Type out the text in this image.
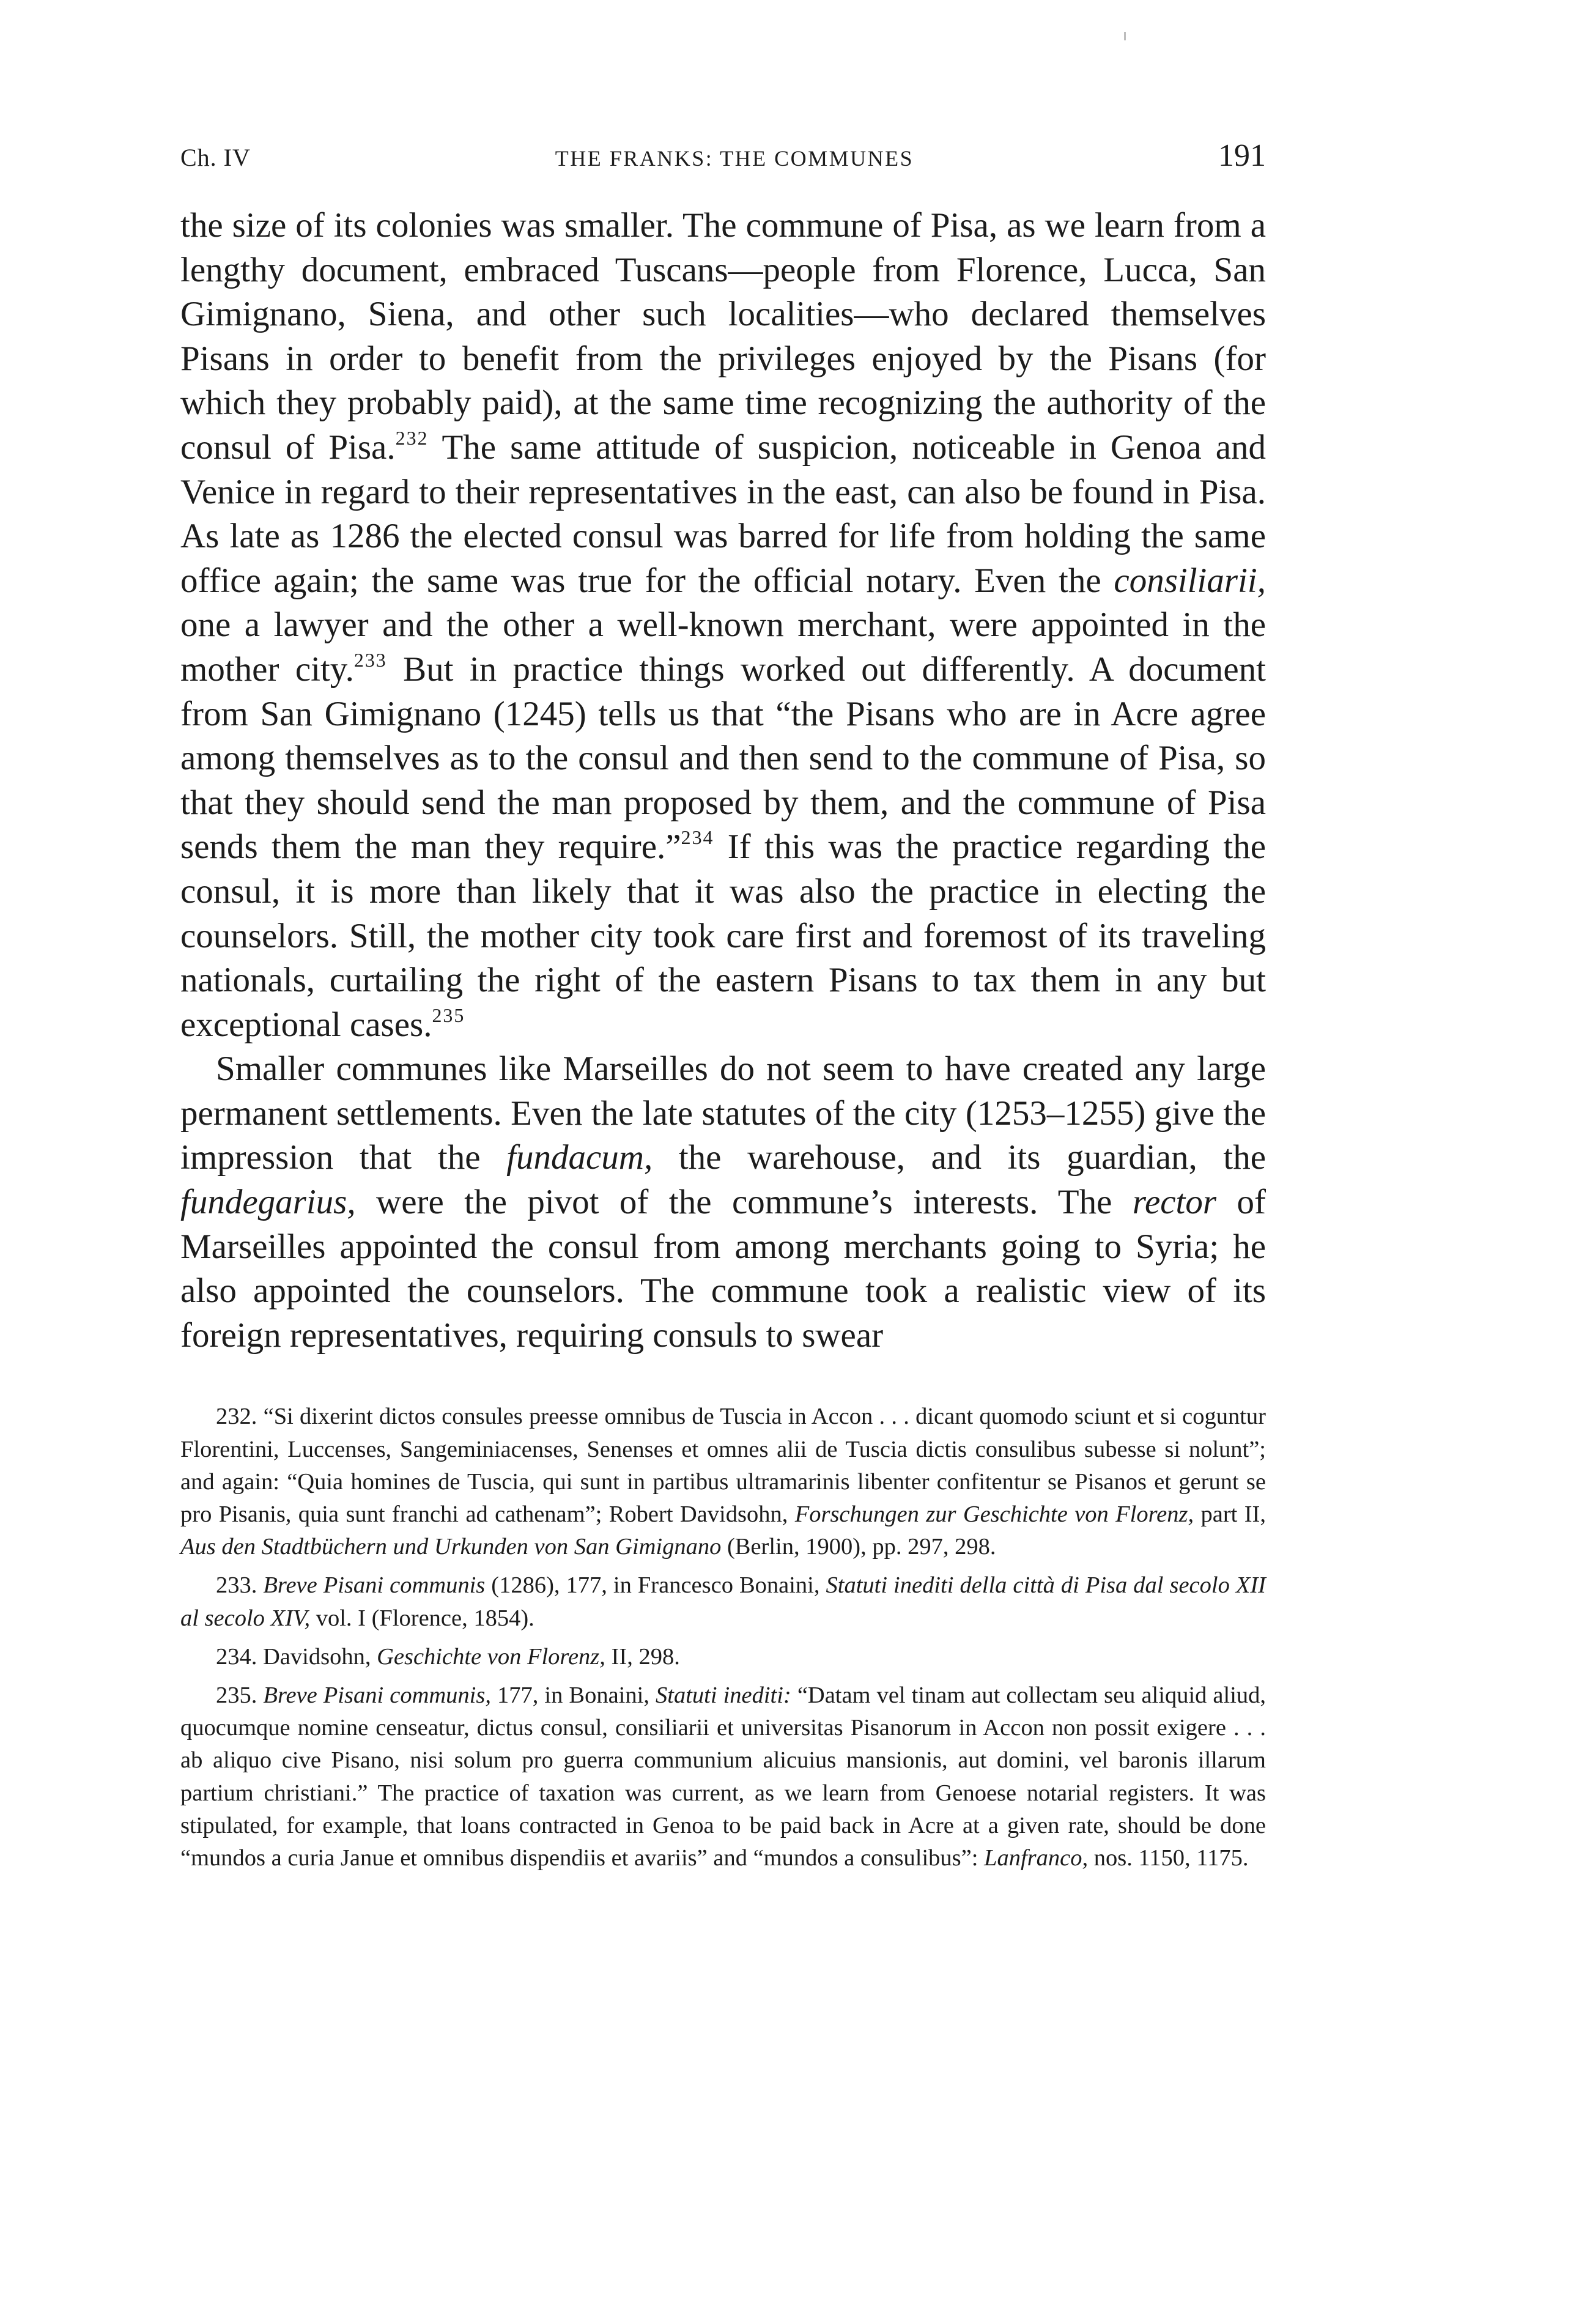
Ch. IV	THE FRANKS: THE COMMUNES	191

the size of its colonies was smaller. The commune of Pisa, as we learn from a lengthy document, embraced Tuscans—people from Florence, Lucca, San Gimignano, Siena, and other such localities—who declared themselves Pisans in order to benefit from the privileges enjoyed by the Pisans (for which they probably paid), at the same time recognizing the authority of the consul of Pisa.$^{232}$ The same attitude of suspicion, noticeable in Genoa and Venice in regard to their representatives in the east, can also be found in Pisa. As late as 1286 the elected consul was barred for life from holding the same office again; the same was true for the official notary. Even the consiliarii, one a lawyer and the other a well-known merchant, were appointed in the mother city.$^{233}$ But in practice things worked out differently. A document from San Gimignano (1245) tells us that “the Pisans who are in Acre agree among themselves as to the consul and then send to the commune of Pisa, so that they should send the man proposed by them, and the commune of Pisa sends them the man they require.”$^{234}$ If this was the practice regarding the consul, it is more than likely that it was also the practice in electing the counselors. Still, the mother city took care first and foremost of its traveling nationals, curtailing the right of the eastern Pisans to tax them in any but exceptional cases.$^{235}$

Smaller communes like Marseilles do not seem to have created any large permanent settlements. Even the late statutes of the city (1253–1255) give the impression that the fundacum, the warehouse, and its guardian, the fundegarius, were the pivot of the commune’s interests. The rector of Marseilles appointed the consul from among merchants going to Syria; he also appointed the counselors. The commune took a realistic view of its foreign representatives, requiring consuls to swear

232. “Si dixerint dictos consules preesse omnibus de Tuscia in Accon . . . dicant quomodo sciunt et si coguntur Florentini, Luccenses, Sangeminiacenses, Senenses et omnes alii de Tuscia dictis consulibus subesse si nolunt”; and again: “Quia homines de Tuscia, qui sunt in partibus ultramarinis libenter confitentur se Pisanos et gerunt se pro Pisanis, quia sunt franchi ad cathenam”; Robert Davidsohn, Forschungen zur Geschichte von Florenz, part II, Aus den Stadtbüchern und Urkunden von San Gimignano (Berlin, 1900), pp. 297, 298.

233. Breve Pisani communis (1286), 177, in Francesco Bonaini, Statuti inediti della città di Pisa dal secolo XII al secolo XIV, vol. I (Florence, 1854).

234. Davidsohn, Geschichte von Florenz, II, 298.

235. Breve Pisani communis, 177, in Bonaini, Statuti inediti: “Datam vel tinam aut collectam seu aliquid aliud, quocumque nomine censeatur, dictus consul, consiliarii et universitas Pisanorum in Accon non possit exigere . . . ab aliquo cive Pisano, nisi solum pro guerra communium alicuius mansionis, aut domini, vel baronis illarum partium christiani.” The practice of taxation was current, as we learn from Genoese notarial registers. It was stipulated, for example, that loans contracted in Genoa to be paid back in Acre at a given rate, should be done “mundos a curia Janue et omnibus dispendiis et avariis” and “mundos a consulibus”: Lanfranco, nos. 1150, 1175.
